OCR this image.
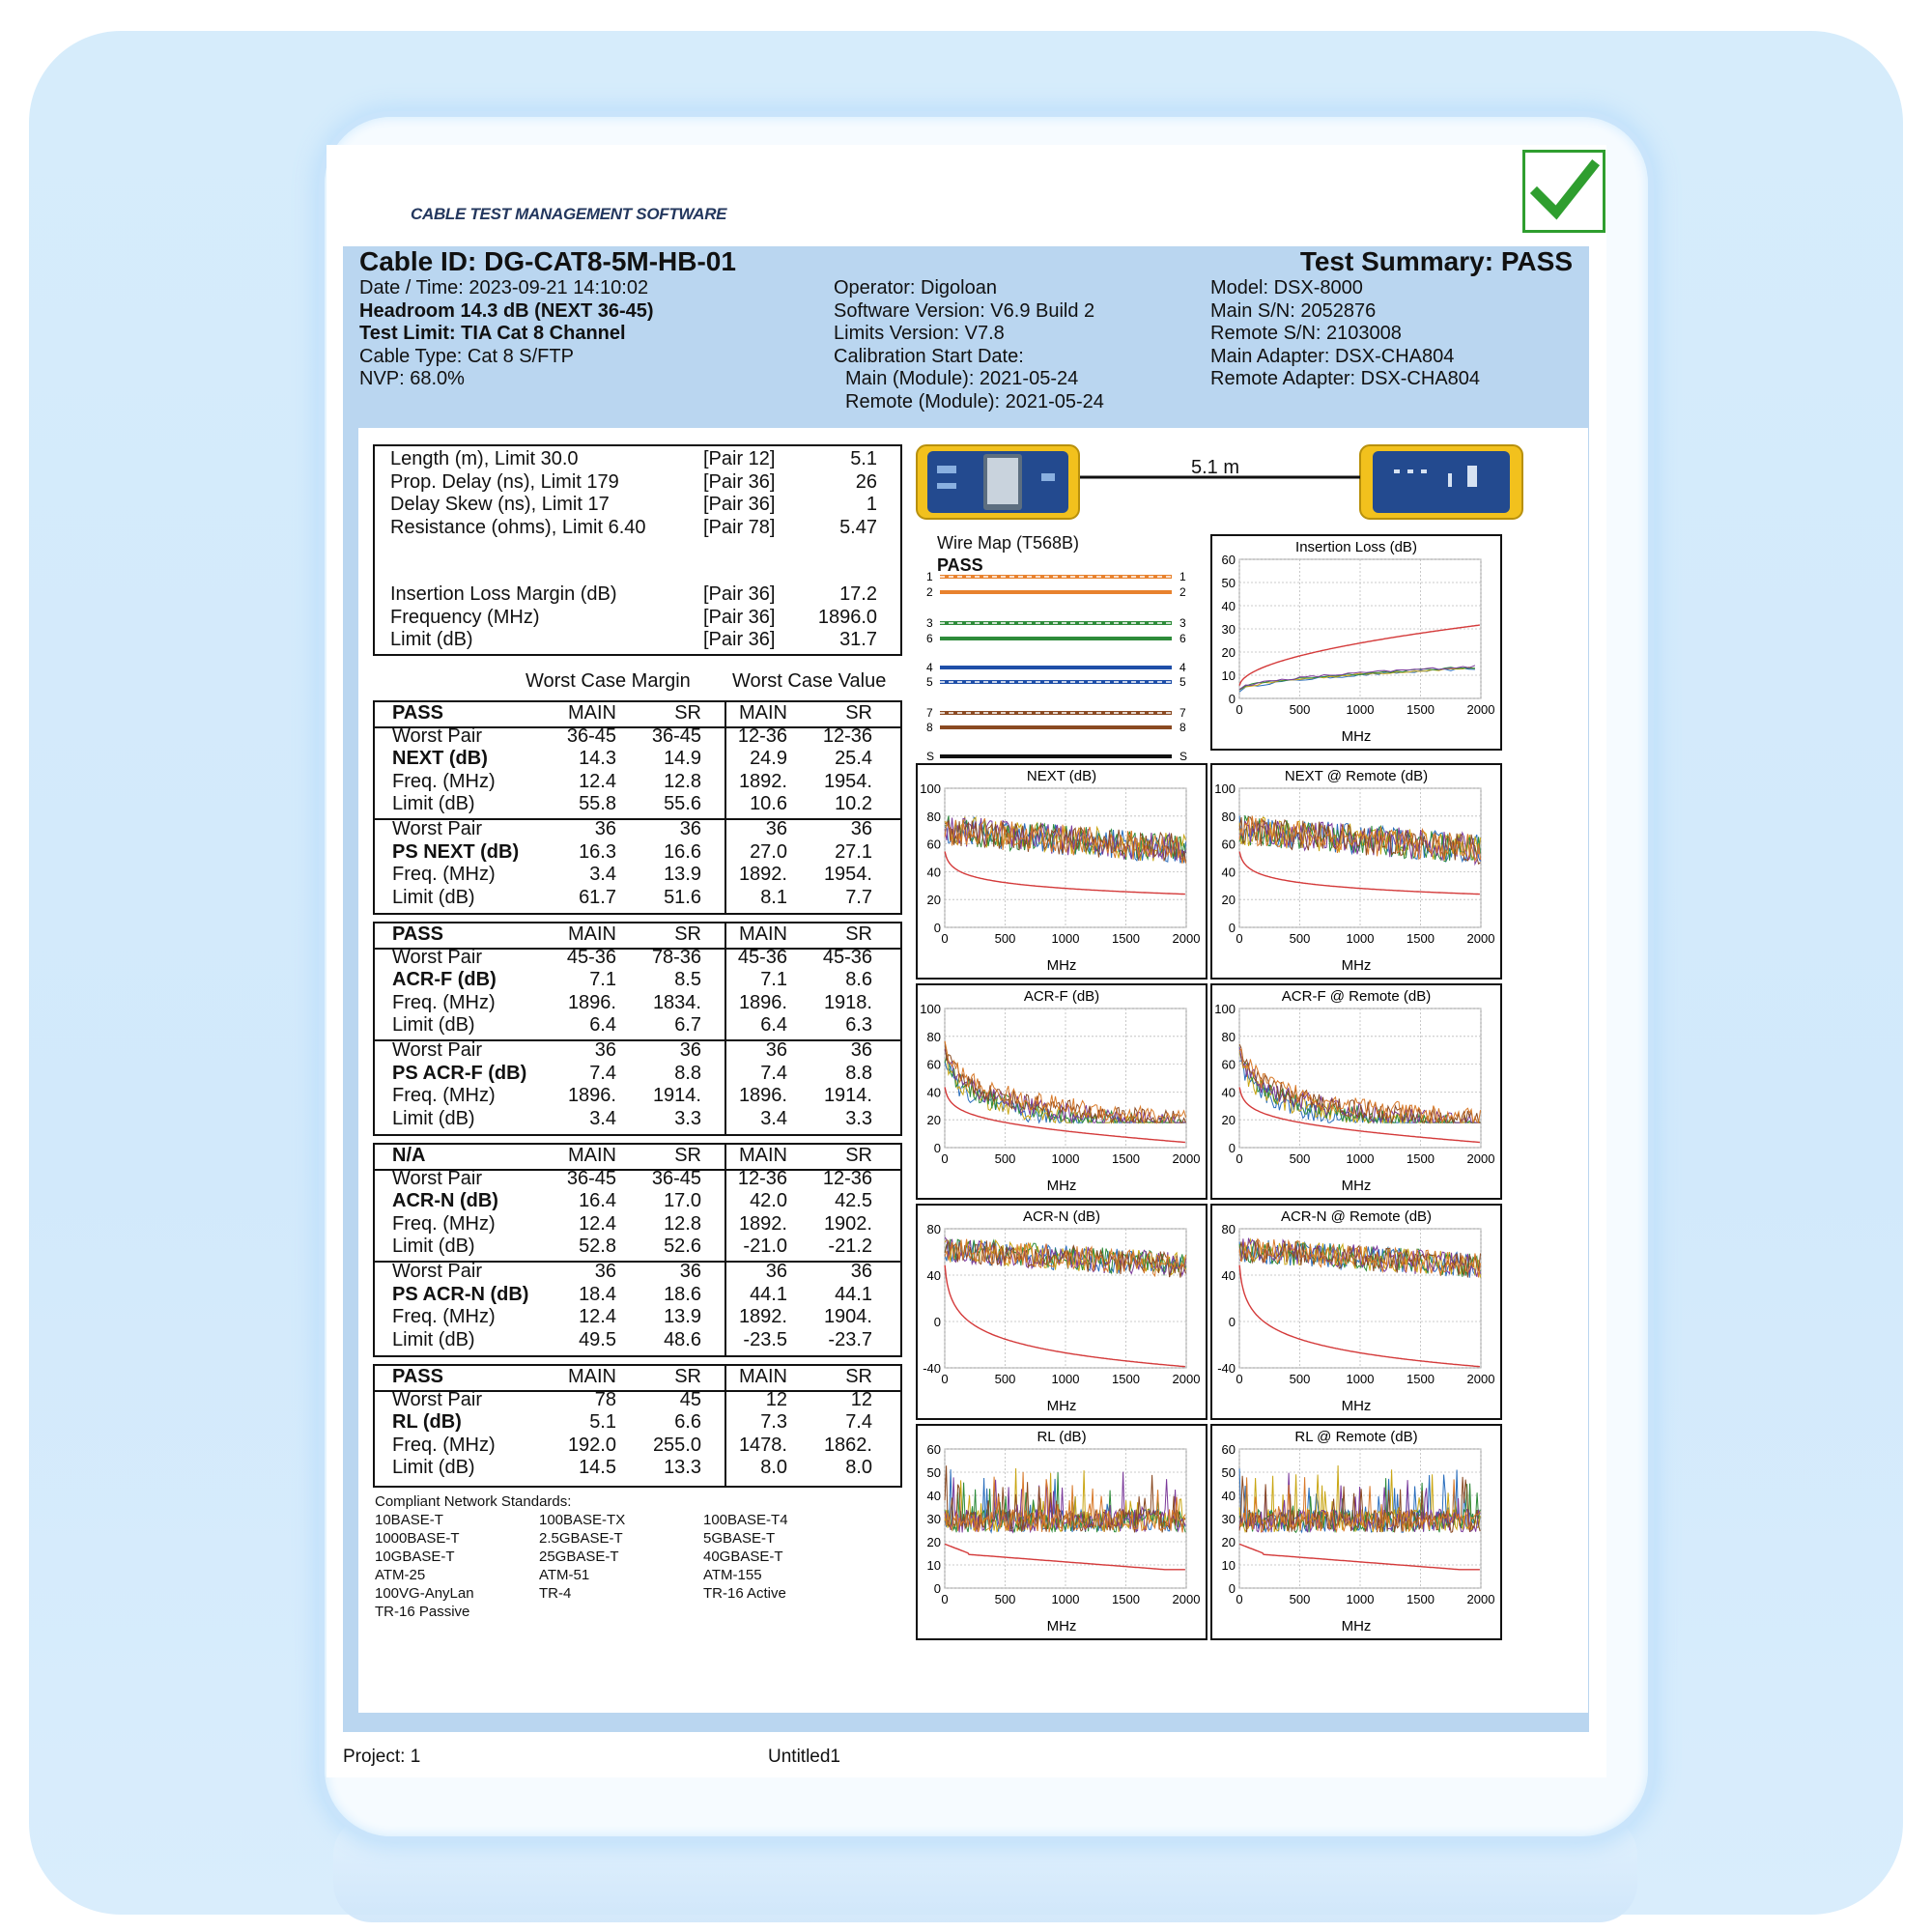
CABLE TEST MANAGEMENT SOFTWARE
Cable ID: DG-CAT8-5M-HB-01	Test Summary: PASS
Date / Time: 2023-09-21 14:10:02
Headroom 14.3 dB (NEXT 36-45)
Test Limit: TIA Cat 8 Channel
Cable Type: Cat 8 S/FTP
NVP: 68.0%
Operator: Digoloan
Software Version: V6.9 Build 2
Limits Version: V7.8
Calibration Start Date:
Main (Module): 2021-05-24
Remote (Module): 2021-05-24
Model: DSX-8000
Main S/N: 2052876
Remote S/N: 2103008
Main Adapter: DSX-CHA804
Remote Adapter: DSX-CHA804
Length (m), Limit 30.0	[Pair 12]	5.1
Prop. Delay (ns), Limit 179	[Pair 36]	26
Delay Skew (ns), Limit 17	[Pair 36]	1
Resistance (ohms), Limit 6.40	[Pair 78]	5.47
Insertion Loss Margin (dB)	[Pair 36]	17.2
Frequency (MHz)	[Pair 36]	1896.0
Limit (dB)	[Pair 36]	31.7
Worst Case Margin Worst Case Value
PASS	MAIN	SR	MAIN	SR
Worst Pair	36-45	36-45	12-36	12-36
NEXT (dB)	14.3	14.9	24.9	25.4
Freq. (MHz)	12.4	12.8	1892.	1954.
Limit (dB)	55.8	55.6	10.6	10.2
Worst Pair	36	36	36	36
PS NEXT (dB)	16.3	16.6	27.0	27.1
Freq. (MHz)	3.4	13.9	1892.	1954.
Limit (dB)	61.7	51.6	8.1	7.7
PASS	MAIN	SR	MAIN	SR
Worst Pair	45-36	78-36	45-36	45-36
ACR-F (dB)	7.1	8.5	7.1	8.6
Freq. (MHz)	1896.	1834.	1896.	1918.
Limit (dB)	6.4	6.7	6.4	6.3
Worst Pair	36	36	36	36
PS ACR-F (dB)	7.4	8.8	7.4	8.8
Freq. (MHz)	1896.	1914.	1896.	1914.
Limit (dB)	3.4	3.3	3.4	3.3
N/A	MAIN	SR	MAIN	SR
Worst Pair	36-45	36-45	12-36	12-36
ACR-N (dB)	16.4	17.0	42.0	42.5
Freq. (MHz)	12.4	12.8	1892.	1902.
Limit (dB)	52.8	52.6	-21.0	-21.2
Worst Pair	36	36	36	36
PS ACR-N (dB)	18.4	18.6	44.1	44.1
Freq. (MHz)	12.4	13.9	1892.	1904.
Limit (dB)	49.5	48.6	-23.5	-23.7
PASS	MAIN	SR	MAIN	SR
Worst Pair	78	45	12	12
RL (dB)	5.1	6.6	7.3	7.4
Freq. (MHz)	192.0	255.0	1478.	1862.
Limit (dB)	14.5	13.3	8.0	8.0
Compliant Network Standards:
10BASE-T	100BASE-TX	100BASE-T4
1000BASE-T	2.5GBASE-T	5GBASE-T
10GBASE-T	25GBASE-T	40GBASE-T
ATM-25	ATM-51	ATM-155
100VG-AnyLan	TR-4	TR-16 Active
TR-16 Passive
5.1 m
Wire Map (T568B)
PASS
1	1
2	2
3	3
6	6
4	4
5	5
7	7
8	8
S	S
Insertion Loss (dB)
MHz
60
50
40
30
20
10
0
0	500	1000	1500	2000
NEXT (dB)
MHz
100
80
60
40
20
0
0	500	1000	1500	2000
NEXT @ Remote (dB)
MHz
100
80
60
40
20
0
0	500	1000	1500	2000
ACR-F (dB)
MHz
100
80
60
40
20
0
0	500	1000	1500	2000
ACR-F @ Remote (dB)
MHz
100
80
60
40
20
0
0	500	1000	1500	2000
ACR-N (dB)
MHz
80
40
0
-40
0	500	1000	1500	2000
ACR-N @ Remote (dB)
MHz
80
40
0
-40
0	500	1000	1500	2000
RL (dB)
MHz
60
50
40
30
20
10
0
0	500	1000	1500	2000
RL @ Remote (dB)
MHz
60
50
40
30
20
10
0
0	500	1000	1500	2000
Project: 1	Untitled1
